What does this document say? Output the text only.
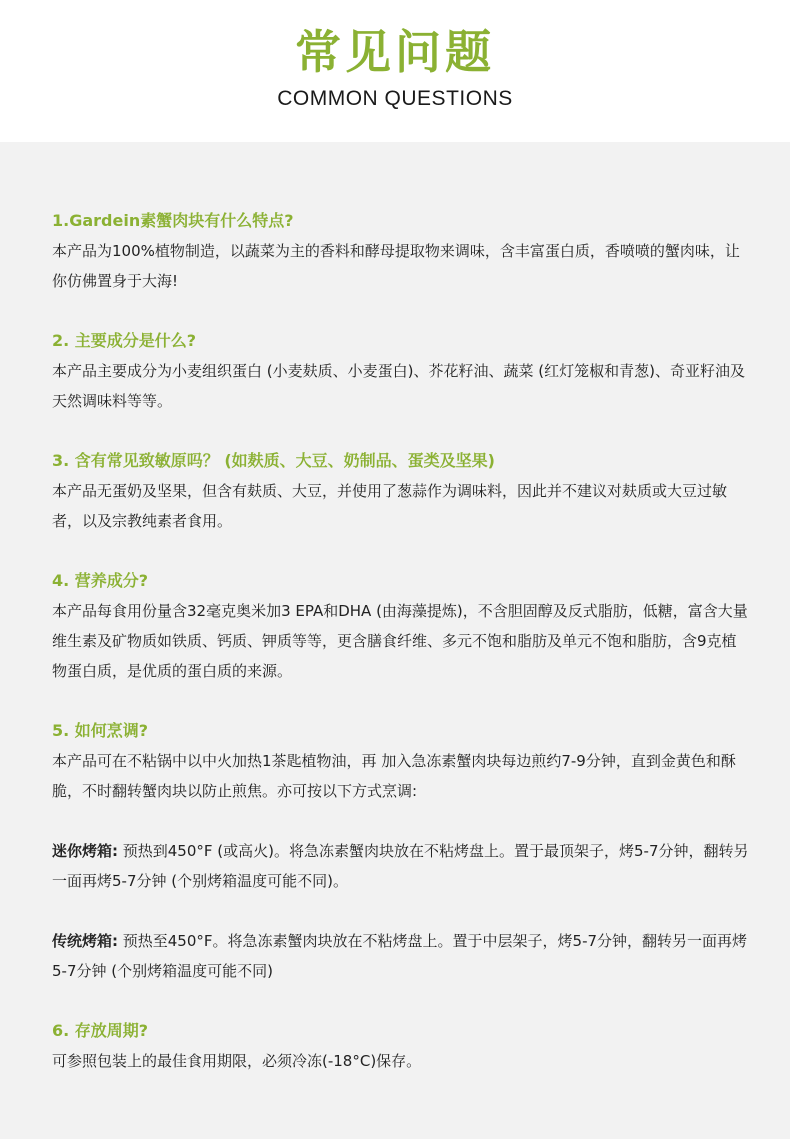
常见问题
COMMON QUESTIONS
1.Gardein素蟹肉块有什么特点?

本产品为100%植物制造，以蔬菜为主的香料和酵母提取物来调味，含丰富蛋白质，香喷喷的蟹肉味，让你仿佛置身于大海!

2. 主要成分是什么?

本产品主要成分为小麦组织蛋白 (小麦麸质、小麦蛋白)、芥花籽油、蔬菜 (红灯笼椒和青葱)、奇亚籽油及天然调味料等等。

3. 含有常见致敏原吗？ (如麸质、大豆、奶制品、蛋类及坚果)

本产品无蛋奶及坚果，但含有麸质、大豆，并使用了葱蒜作为调味料，因此并不建议对麸质或大豆过敏者，以及宗教纯素者食用。

4. 营养成分?

本产品每食用份量含32毫克奥米加3 EPA和DHA (由海藻提炼)，不含胆固醇及反式脂肪，低糖，富含大量维生素及矿物质如铁质、钙质、钾质等等，更含膳食纤维、多元不饱和脂肪及单元不饱和脂肪，含9克植物蛋白质，是优质的蛋白质的来源。

5. 如何烹调?

本产品可在不粘锅中以中火加热1茶匙植物油，再 加入急冻素蟹肉块每边煎约7-9分钟，直到金黄色和酥脆，不时翻转蟹肉块以防止煎焦。亦可按以下方式烹调:

迷你烤箱: 预热到450°F (或高火)。将急冻素蟹肉块放在不粘烤盘上。置于最顶架子，烤5-7分钟，翻转另一面再烤5-7分钟 (个别烤箱温度可能不同)。

传统烤箱: 预热至450°F。将急冻素蟹肉块放在不粘烤盘上。置于中层架子，烤5-7分钟，翻转另一面再烤5-7分钟 (个别烤箱温度可能不同)

6. 存放周期?

可参照包装上的最佳食用期限，必须冷冻(-18°C)保存。
